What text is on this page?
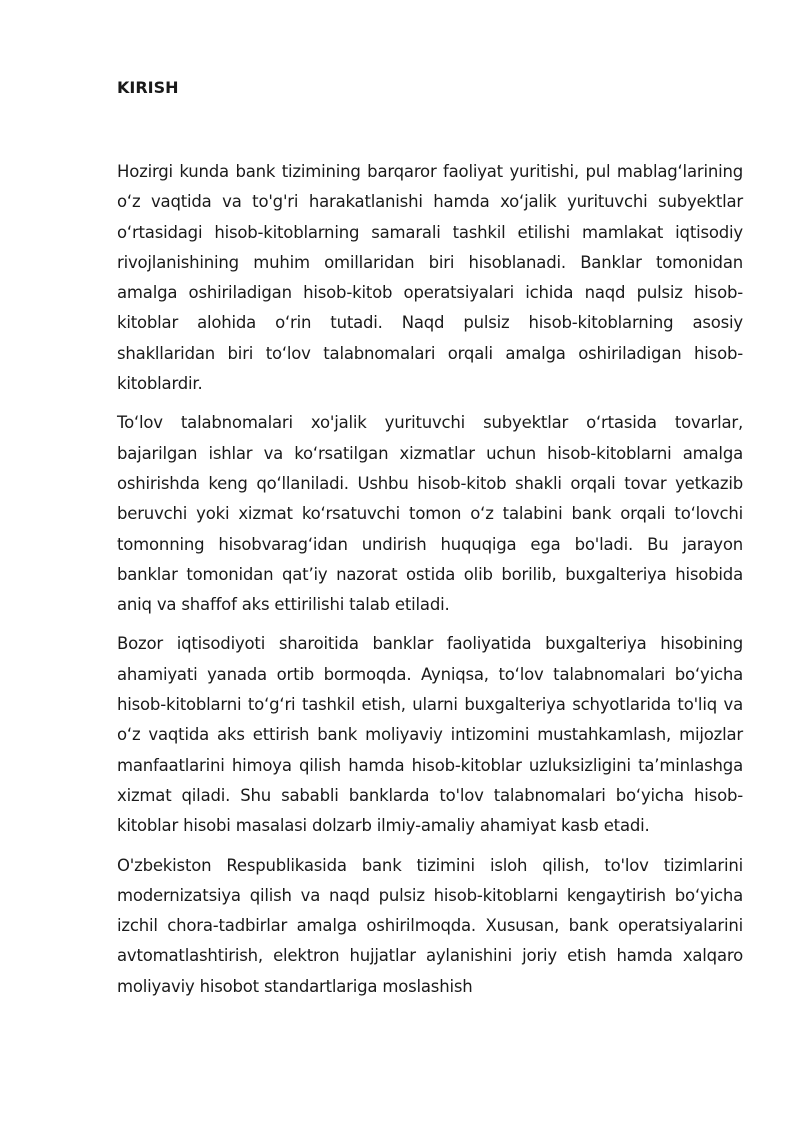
KIRISH

Hozirgi kunda bank tizimining barqaror faoliyat yuritishi, pul mablag‘larining o‘z vaqtida va to'g'ri harakatlanishi hamda xo‘jalik yurituvchi subyektlar o‘rtasidagi hisob-kitoblarning samarali tashkil etilishi mamlakat iqtisodiy rivojlanishining muhim omillaridan biri hisoblanadi. Banklar tomonidan amalga oshiriladigan hisob-kitob operatsiyalari ichida naqd pulsiz hisob-kitoblar alohida o‘rin tutadi. Naqd pulsiz hisob-kitoblarning asosiy shakllaridan biri to‘lov talabnomalari orqali amalga oshiriladigan hisob-kitoblardir.

To‘lov talabnomalari xo'jalik yurituvchi subyektlar o‘rtasida tovarlar, bajarilgan ishlar va ko‘rsatilgan xizmatlar uchun hisob-kitoblarni amalga oshirishda keng qo‘llaniladi. Ushbu hisob-kitob shakli orqali tovar yetkazib beruvchi yoki xizmat ko‘rsatuvchi tomon o‘z talabini bank orqali to‘lovchi tomonning hisobvarag‘idan undirish huquqiga ega bo'ladi. Bu jarayon banklar tomonidan qat’iy nazorat ostida olib borilib, buxgalteriya hisobida aniq va shaffof aks ettirilishi talab etiladi.

Bozor iqtisodiyoti sharoitida banklar faoliyatida buxgalteriya hisobining ahamiyati yanada ortib bormoqda. Ayniqsa, to‘lov talabnomalari bo‘yicha hisob-kitoblarni to‘g‘ri tashkil etish, ularni buxgalteriya schyotlarida to'liq va o‘z vaqtida aks ettirish bank moliyaviy intizomini mustahkamlash, mijozlar manfaatlarini himoya qilish hamda hisob-kitoblar uzluksizligini ta’minlashga xizmat qiladi. Shu sababli banklarda to'lov talabnomalari bo‘yicha hisob-kitoblar hisobi masalasi dolzarb ilmiy-amaliy ahamiyat kasb etadi.

O'zbekiston Respublikasida bank tizimini isloh qilish, to'lov tizimlarini modernizatsiya qilish va naqd pulsiz hisob-kitoblarni kengaytirish bo‘yicha izchil chora-tadbirlar amalga oshirilmoqda. Xususan, bank operatsiyalarini avtomatlashtirish, elektron hujjatlar aylanishini joriy etish hamda xalqaro moliyaviy hisobot standartlariga moslashish
